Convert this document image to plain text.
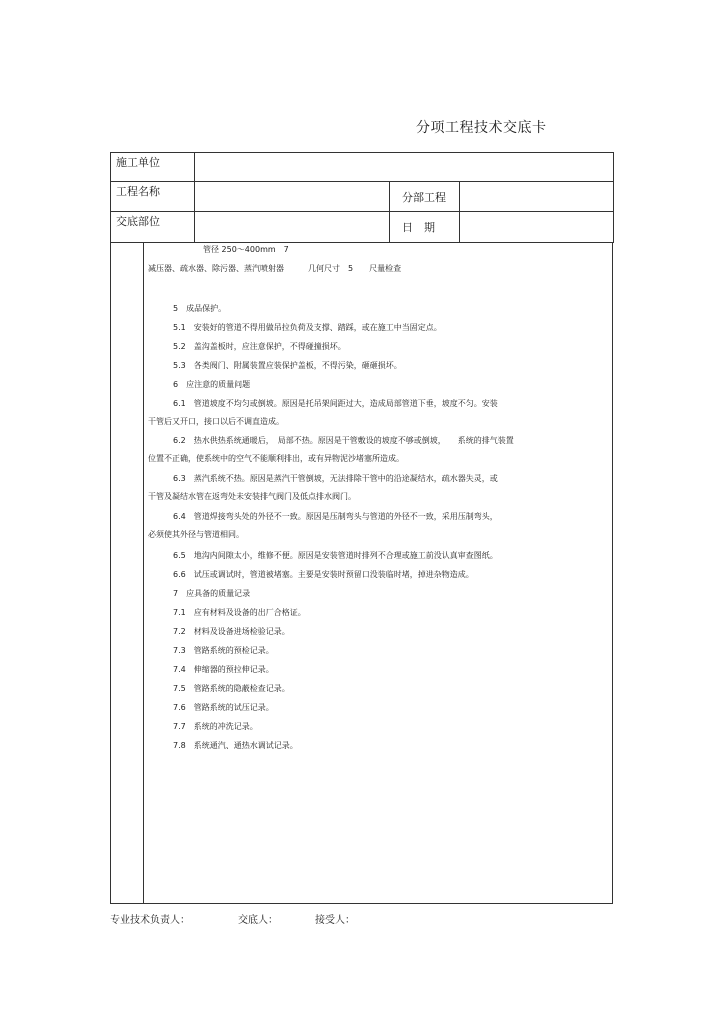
分项工程技术交底卡
施工单位			
工程名称		分部工程	
交底部位		日　期	
管径 250～400mm　7
减压器、疏水器、除污器、蒸汽喷射器　　　几何尺寸　5　　尺量检查
5　成品保护。
5.1　安装好的管道不得用做吊拉负荷及支撑、踏踩，或在施工中当固定点。
5.2　盖沟盖板时，应注意保护，不得碰撞损坏。
5.3　各类阀门、附属装置应装保护盖板，不得污染，砸砸损坏。
6　应注意的质量问题
6.1　管道坡度不均匀或倒坡。原因是托吊架间距过大，造成局部管道下垂，坡度不匀。安装
干管后又开口，接口以后不调直造成。
6.2　热水供热系统通暖后，　局部不热。原因是干管敷设的坡度不够或倒坡，　　系统的排气装置
位置不正确，使系统中的空气不能顺利排出，或有异物泥沙堵塞所造成。
6.3　蒸汽系统不热。原因是蒸汽干管倒坡，无法排除干管中的沿途凝结水，疏水器失灵，或
干管及凝结水管在返弯处未安装排气阀门及低点排水阀门。
6.4　管道焊接弯头处的外径不一致。原因是压制弯头与管道的外径不一致，采用压制弯头，
必须使其外径与管道相同。
6.5　地沟内间隙太小，维修不便。原因是安装管道时排列不合理或施工前没认真审查图纸。
6.6　试压或调试时，管道被堵塞。主要是安装时预留口没装临时堵，掉进杂物造成。
7　应具备的质量记录
7.1　应有材料及设备的出厂合格证。
7.2　材料及设备进场检验记录。
7.3　管路系统的预检记录。
7.4　伸缩器的预拉伸记录。
7.5　管路系统的隐蔽检查记录。
7.6　管路系统的试压记录。
7.7　系统的冲洗记录。
7.8　系统通汽、通热水调试记录。
专业技术负责人：	交底人：	接受人：
